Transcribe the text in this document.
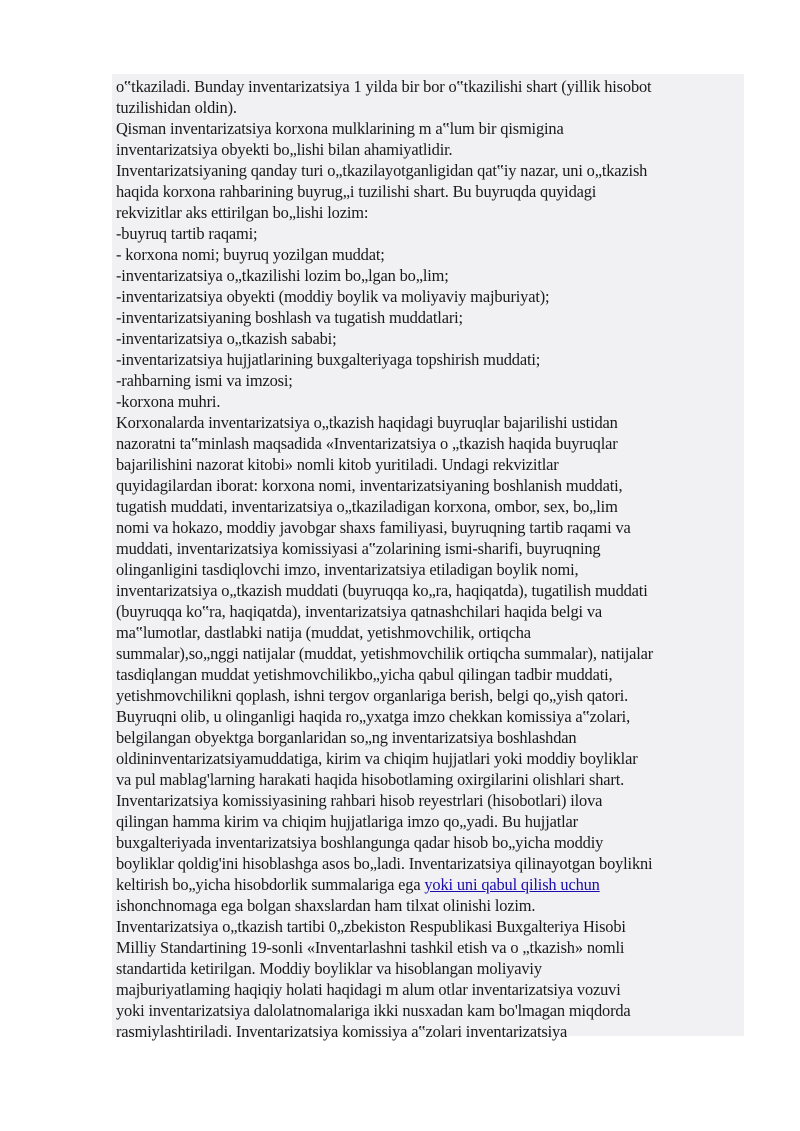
o‟tkaziladi. Bunday inventarizatsiya 1 yilda bir bor o‟tkazilishi shart (yillik hisobot
tuzilishidan oldin).
Qisman inventarizatsiya korxona mulklarining m a‟lum bir qismigina
inventarizatsiya obyekti bo„lishi bilan ahamiyatlidir.
Inventarizatsiyaning qanday turi o„tkazilayotganligidan qat‟iy nazar, uni o„tkazish
haqida korxona rahbarining buyrug„i tuzilishi shart. Bu buyruqda quyidagi
rekvizitlar aks ettirilgan bo„lishi lozim:
-buyruq tartib raqami;
- korxona nomi; buyruq yozilgan muddat;
-inventarizatsiya o„tkazilishi lozim bo„lgan bo„lim;
-inventarizatsiya obyekti (moddiy boylik va moliyaviy majburiyat);
-inventarizatsiyaning boshlash va tugatish muddatlari;
-inventarizatsiya o„tkazish sababi;
-inventarizatsiya hujjatlarining buxgalteriyaga topshirish muddati;
-rahbarning ismi va imzosi;
-korxona muhri.
Korxonalarda inventarizatsiya o„tkazish haqidagi buyruqlar bajarilishi ustidan
nazoratni ta‟minlash maqsadida «Inventarizatsiya o „tkazish haqida buyruqlar
bajarilishini nazorat kitobi» nomli kitob yuritiladi. Undagi rekvizitlar
quyidagilardan iborat: korxona nomi, inventarizatsiyaning boshlanish muddati,
tugatish muddati, inventarizatsiya o„tkaziladigan korxona, ombor, sex, bo„lim
nomi va hokazo, moddiy javobgar shaxs familiyasi, buyruqning tartib raqami va
muddati, inventarizatsiya komissiyasi a‟zolarining ismi-sharifi, buyruqning
olinganligini tasdiqlovchi imzo, inventarizatsiya etiladigan boylik nomi,
inventarizatsiya o„tkazish muddati (buyruqqa ko„ra, haqiqatda), tugatilish muddati
(buyruqqa ko‟ra, haqiqatda), inventarizatsiya qatnashchilari haqida belgi va
ma‟lumotlar, dastlabki natija (muddat, yetishmovchilik, ortiqcha
summalar),so„nggi natijalar (muddat, yetishmovchilik ortiqcha summalar), natijalar
tasdiqlangan muddat yetishmovchilikbo„yicha qabul qilingan tadbir muddati,
yetishmovchilikni qoplash, ishni tergov organlariga berish, belgi qo„yish qatori.
Buyruqni olib, u olinganligi haqida ro„yxatga imzo chekkan komissiya a‟zolari,
belgilangan obyektga borganlaridan so„ng inventarizatsiya boshlashdan
oldininventarizatsiyamuddatiga, kirim va chiqim hujjatlari yoki moddiy boyliklar
va pul mablag'larning harakati haqida hisobotlaming oxirgilarini olishlari shart.
Inventarizatsiya komissiyasining rahbari hisob reyestrlari (hisobotlari) ilova
qilingan hamma kirim va chiqim hujjatlariga imzo qo„yadi. Bu hujjatlar
buxgalteriyada inventarizatsiya boshlangunga qadar hisob bo„yicha moddiy
boyliklar qoldig'ini hisoblashga asos bo„ladi. Inventarizatsiya qilinayotgan boylikni
keltirish bo„yicha hisobdorlik summalariga ega yoki uni qabul qilish uchun
ishonchnomaga ega bolgan shaxslardan ham tilxat olinishi lozim.
Inventarizatsiya o„tkazish tartibi 0„zbekiston Respublikasi Buxgalteriya Hisobi
Milliy Standartining 19-sonli «Inventarlashni tashkil etish va o „tkazish» nomli
standartida ketirilgan. Moddiy boyliklar va hisoblangan moliyaviy
majburiyatlaming haqiqiy holati haqidagi m alum otlar inventarizatsiya vozuvi
yoki inventarizatsiya dalolatnomalariga ikki nusxadan kam bo'lmagan miqdorda
rasmiylashtiriladi. Inventarizatsiya komissiya a‟zolari inventarizatsiya
